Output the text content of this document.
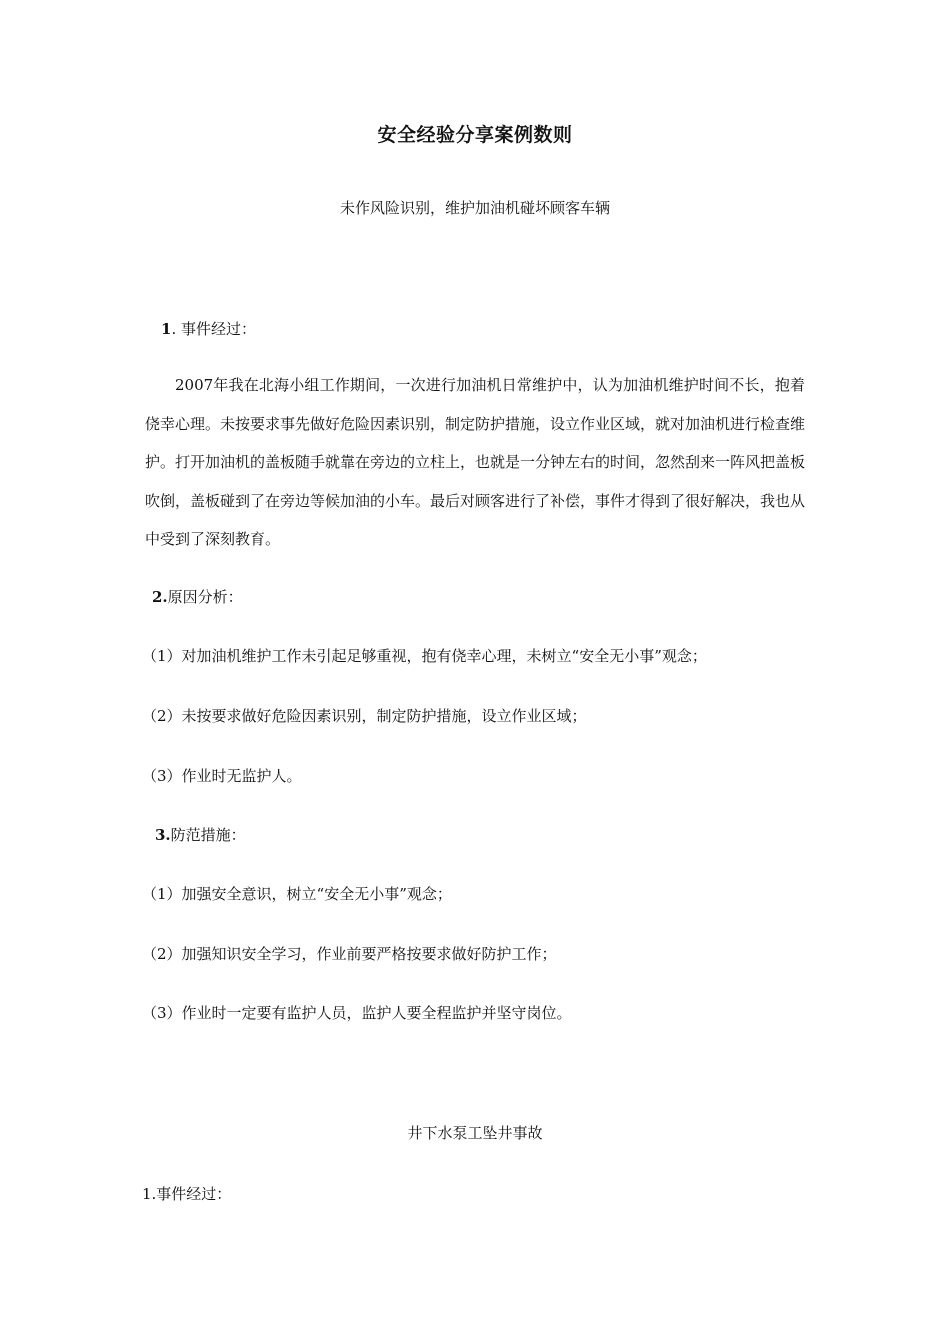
安全经验分享案例数则
未作风险识别，维护加油机碰坏顾客车辆
1. 事件经过：
2007年我在北海小组工作期间，一次进行加油机日常维护中，认为加油机维护时间不长，抱着侥幸心理。未按要求事先做好危险因素识别，制定防护措施，设立作业区域，就对加油机进行检查维护。打开加油机的盖板随手就靠在旁边的立柱上，也就是一分钟左右的时间，忽然刮来一阵风把盖板吹倒，盖板碰到了在旁边等候加油的小车。最后对顾客进行了补偿，事件才得到了很好解决，我也从中受到了深刻教育。
2.原因分析：
（1）对加油机维护工作未引起足够重视，抱有侥幸心理，未树立“安全无小事”观念；
（2）未按要求做好危险因素识别，制定防护措施，设立作业区域；
（3）作业时无监护人。
3.防范措施：
（1）加强安全意识，树立“安全无小事”观念；
（2）加强知识安全学习，作业前要严格按要求做好防护工作；
（3）作业时一定要有监护人员，监护人要全程监护并坚守岗位。
井下水泵工坠井事故
1.事件经过：
